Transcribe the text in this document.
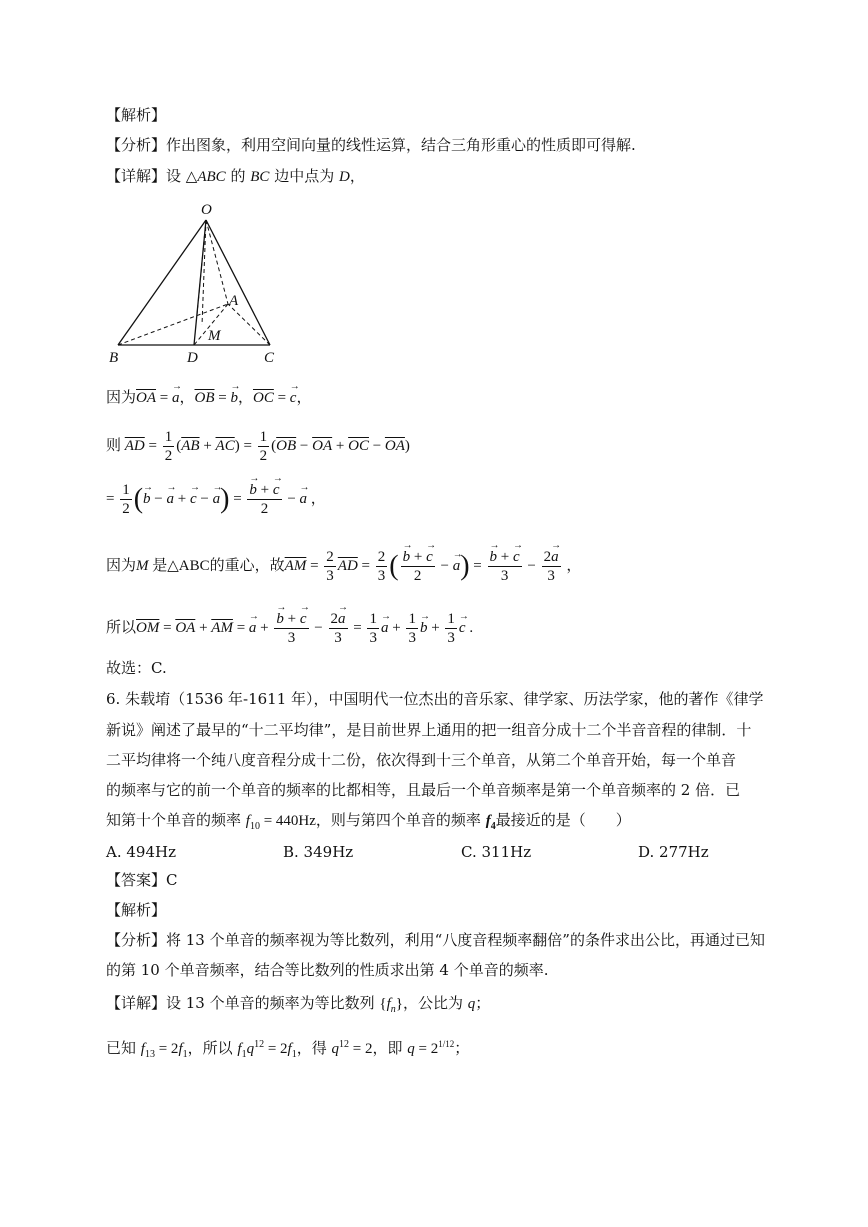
【解析】
【分析】作出图象，利用空间向量的线性运算，结合三角形重心的性质即可得解.
【详解】设 △ABC 的 BC 边中点为 D，
O
A
M
B	D	C
因为$\overline{OA}$ = → a，$\overline{OB}$ = → b，$\overline{OC}$ = → c，
则 $\overline{AD} = \frac{1}{2} (\overline{AB} + \overline{AC}) = \frac{1}{2} (\overline{OB} - \overline{OA} + \overline{OC} - \overline{OA})$
= $\frac{1}{2}$ (→ b − → a + → c − → a) = → $\frac{b + \to c}{2}$ − → a ，
因为M 是△ABC的重心，故$\overline{AM} = \frac{2}{3} \overline{AD} = \frac{2}{3}$ ( → $\frac{b + \to c}{2}$ − → a) = → $\frac{b + \to c}{3} - \frac{2\to a}{3}$ ，
所以$\overline{OM} = \overline{OA} + \overline{AM}$ = → a + → $\frac{b + \to c}{3} - \frac{2\to a}{3} = \frac{1}{3} \to a + \frac{1}{3} \to b + \frac{1}{3} \to c$ .
故选：C.
6. 朱载堉（1536 年-1611 年），中国明代一位杰出的音乐家、律学家、历法学家，他的著作《律学
新说》阐述了最早的“十二平均律”，是目前世界上通用的把一组音分成十二个半音音程的律制．十
二平均律将一个纯八度音程分成十二份，依次得到十三个单音，从第二个单音开始，每一个单音
的频率与它的前一个单音的频率的比都相等，且最后一个单音频率是第一个单音频率的 2 倍．已
知第十个单音的频率 $f_{10} = 440Hz$，则与第四个单音的频率 $f_4$最接近的是（　　）
A. 494Hz	B. 349Hz	C. 311Hz	D. 277Hz
【答案】C
【解析】
【分析】将 13 个单音的频率视为等比数列，利用“八度音程频率翻倍”的条件求出公比，再通过已知
的第 10 个单音频率，结合等比数列的性质求出第 4 个单音的频率.
【详解】设 13 个单音的频率为等比数列 $\{f_n\}$，公比为 q；
已知 $f_{13} = 2f_1$，所以 $f_1q^{12} = 2f_1$，得 $q^{12} = 2$，即 $q = 2^{1/12}$；
